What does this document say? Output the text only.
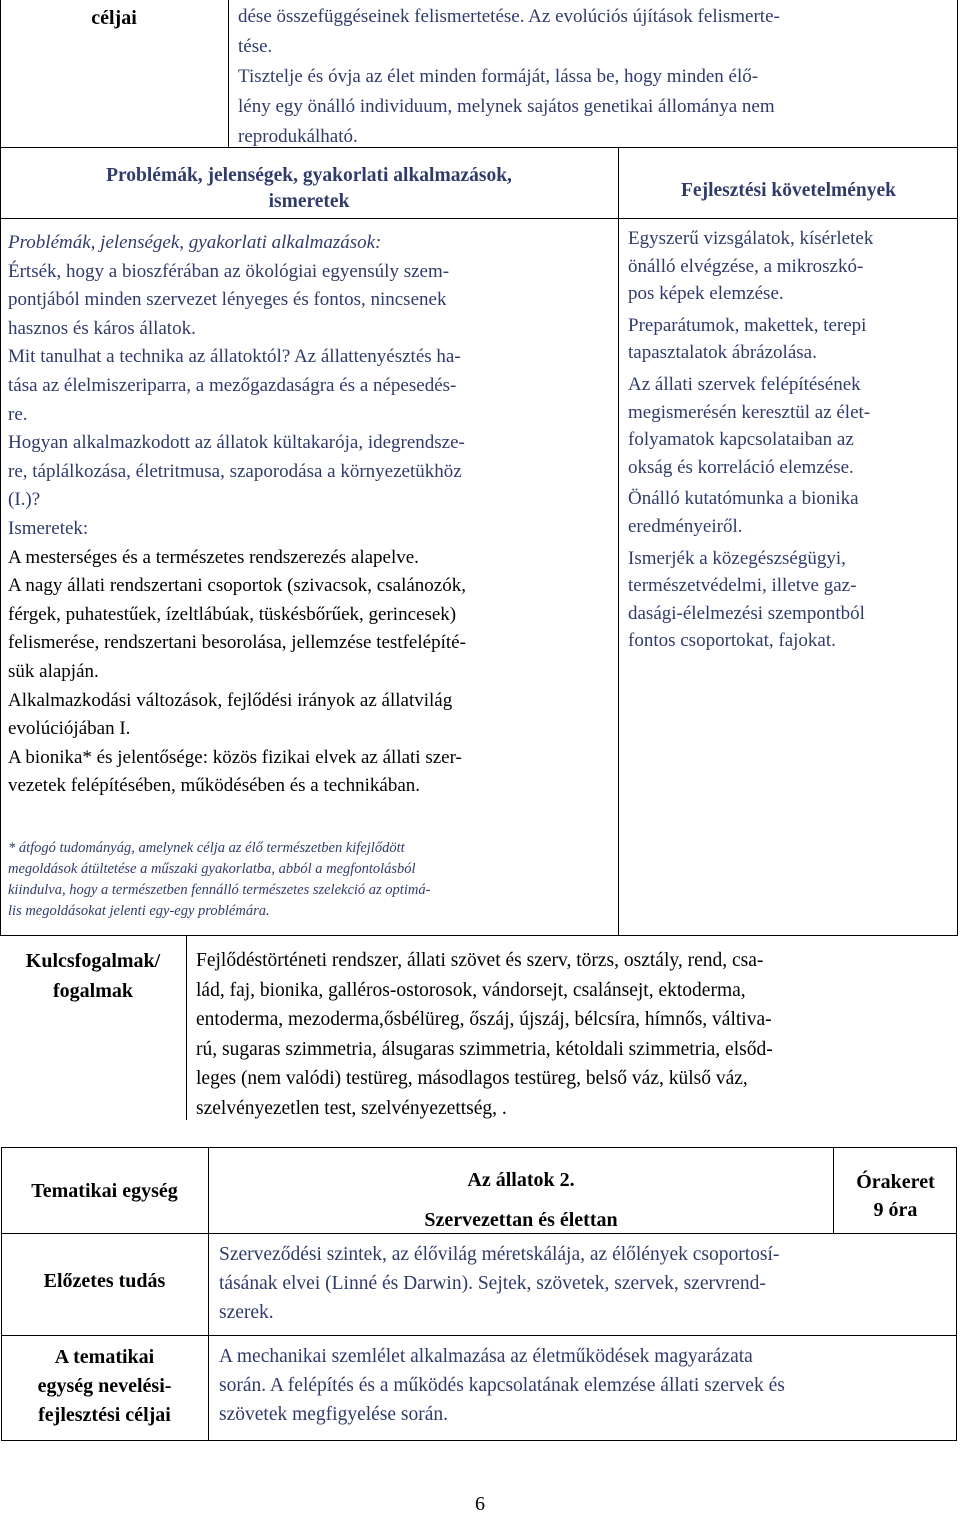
céljai	dése összefüggéseinek felismertetése. Az evolúciós újítások felismerte-

tése.

Tisztelje és óvja az élet minden formáját, lássa be, hogy minden élő-

lény egy önálló individuum, melynek sajátos genetikai állománya nem

reprodukálható.

Problémák, jelenségek, gyakorlati alkalmazások,
ismeretek
Fejlesztési követelmények

Problémák, jelenségek, gyakorlati alkalmazások:

Értsék, hogy a bioszférában az ökológiai egyensúly szem-

pontjából minden szervezet lényeges és fontos, nincsenek

hasznos és káros állatok.

Mit tanulhat a technika az állatoktól? Az állattenyésztés ha-

tása az élelmiszeriparra, a mezőgazdaságra és a népesedés-

re.

Hogyan alkalmazkodott az állatok kültakarója, idegrendsze-

re, táplálkozása, életritmusa, szaporodása a környezetükhöz

(I.)?

Ismeretek:

A mesterséges és a természetes rendszerezés alapelve.

A nagy állati rendszertani csoportok (szivacsok, csalánozók,

férgek, puhatestűek, ízeltlábúak, tüskésbőrűek, gerincesek)

felismerése, rendszertani besorolása, jellemzése testfelépíté-

sük alapján.

Alkalmazkodási változások, fejlődési irányok az állatvilág

evolúciójában I.

A bionika* és jelentősége: közös fizikai elvek az állati szer-

vezetek felépítésében, működésében és a technikában.

* átfogó tudományág, amelynek célja az élő természetben kifejlődött

megoldások átültetése a műszaki gyakorlatba, abból a megfontolásból

kiindulva, hogy a természetben fennálló természetes szelekció az optimá-

lis megoldásokat jelenti egy-egy problémára.

Egyszerű vizsgálatok, kísérletek

önálló elvégzése, a mikroszkó-

pos képek elemzése.

Preparátumok, makettek, terepi

tapasztalatok ábrázolása.

Az állati szervek felépítésének

megismerésén keresztül az élet-

folyamatok kapcsolataiban az

okság és korreláció elemzése.

Önálló kutatómunka a bionika

eredményeiről.

Ismerjék a közegészségügyi,

természetvédelmi, illetve gaz-

dasági-élelmezési szempontból

fontos csoportokat, fajokat.

Kulcsfogalmak/
fogalmak

Fejlődéstörténeti rendszer, állati szövet és szerv, törzs, osztály, rend, csa-

lád, faj, bionika, galléros-ostorosok, vándorsejt, csalánsejt, ektoderma,

entoderma, mezoderma,ősbélüreg, őszáj, újszáj, bélcsíra, hímnős, váltiva-

rú, sugaras szimmetria, álsugaras szimmetria, kétoldali szimmetria, elsőd-

leges (nem valódi) testüreg, másodlagos testüreg, belső váz, külső váz,

szelvényezetlen test, szelvényezettség, .

Tematikai egység	Az állatok 2.
Szervezettan és élettan
Órakeret
9 óra
Előzetes tudás

Szerveződési szintek, az élővilág méretskálája, az élőlények csoportosí-

tásának elvei (Linné és Darwin). Sejtek, szövetek, szervek, szervrend-

szerek.

A tematikai
egység nevelési-
fejlesztési céljai

A mechanikai szemlélet alkalmazása az életműködések magyarázata

során. A felépítés és a működés kapcsolatának elemzése állati szervek és

szövetek megfigyelése során.

6
